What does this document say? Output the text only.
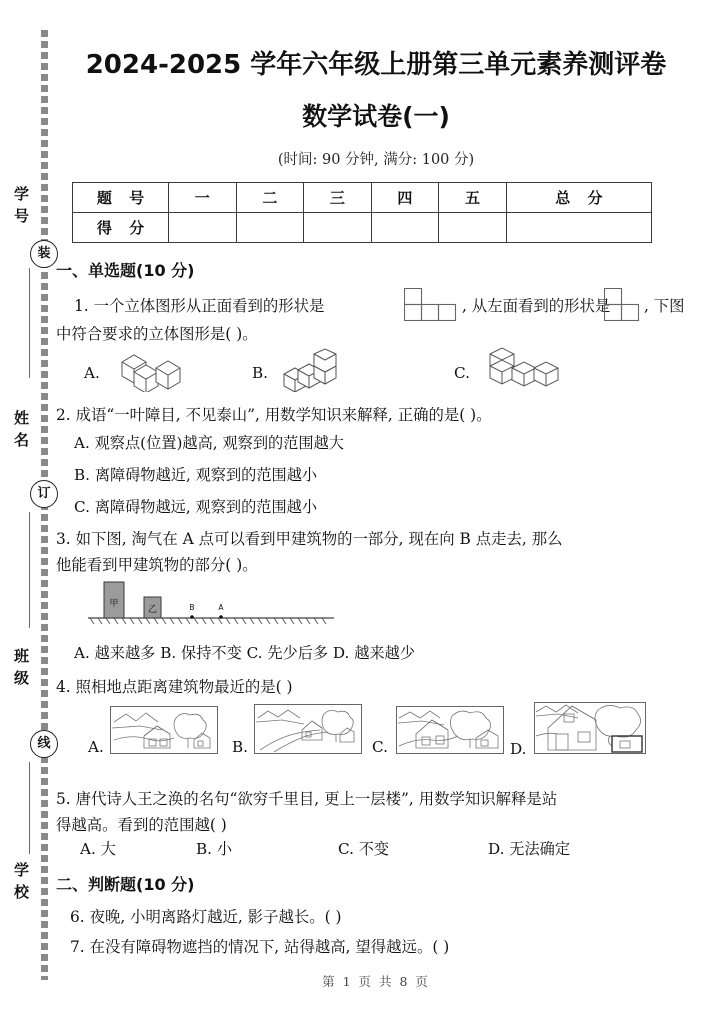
学号
姓名
班级
学校
装
订
线
2024-2025 学年六年级上册第三单元素养测评卷
数学试卷(一)
(时间: 90 分钟, 满分: 100 分)
题 号	一	二	三	四	五	总 分
得 分						
一、单选题(10 分)
1. 一个立体图形从正面看到的形状是	, 从左面看到的形状是 , 下图
中符合要求的立体图形是( )。
A.	B.	C.
2. 成语“一叶障目, 不见泰山”, 用数学知识来解释, 正确的是( )。
A. 观察点(位置)越高, 观察到的范围越大
B. 离障碍物越近, 观察到的范围越小
C. 离障碍物越远, 观察到的范围越小
3. 如下图, 淘气在 A 点可以看到甲建筑物的一部分, 现在向 B 点走去, 那么
他能看到甲建筑物的部分( )。
甲
乙	B	A
A. 越来越多 B. 保持不变 C. 先少后多 D. 越来越少
4. 照相地点距离建筑物最近的是( )
A.	B.	C.	D.
5. 唐代诗人王之涣的名句“欲穷千里目, 更上一层楼”, 用数学知识解释是站
得越高。看到的范围越( )
A. 大	B. 小	C. 不变	D. 无法确定
二、判断题(10 分)
6. 夜晚, 小明离路灯越近, 影子越长。( )
7. 在没有障碍物遮挡的情况下, 站得越高, 望得越远。( )
第 1 页 共 8 页
